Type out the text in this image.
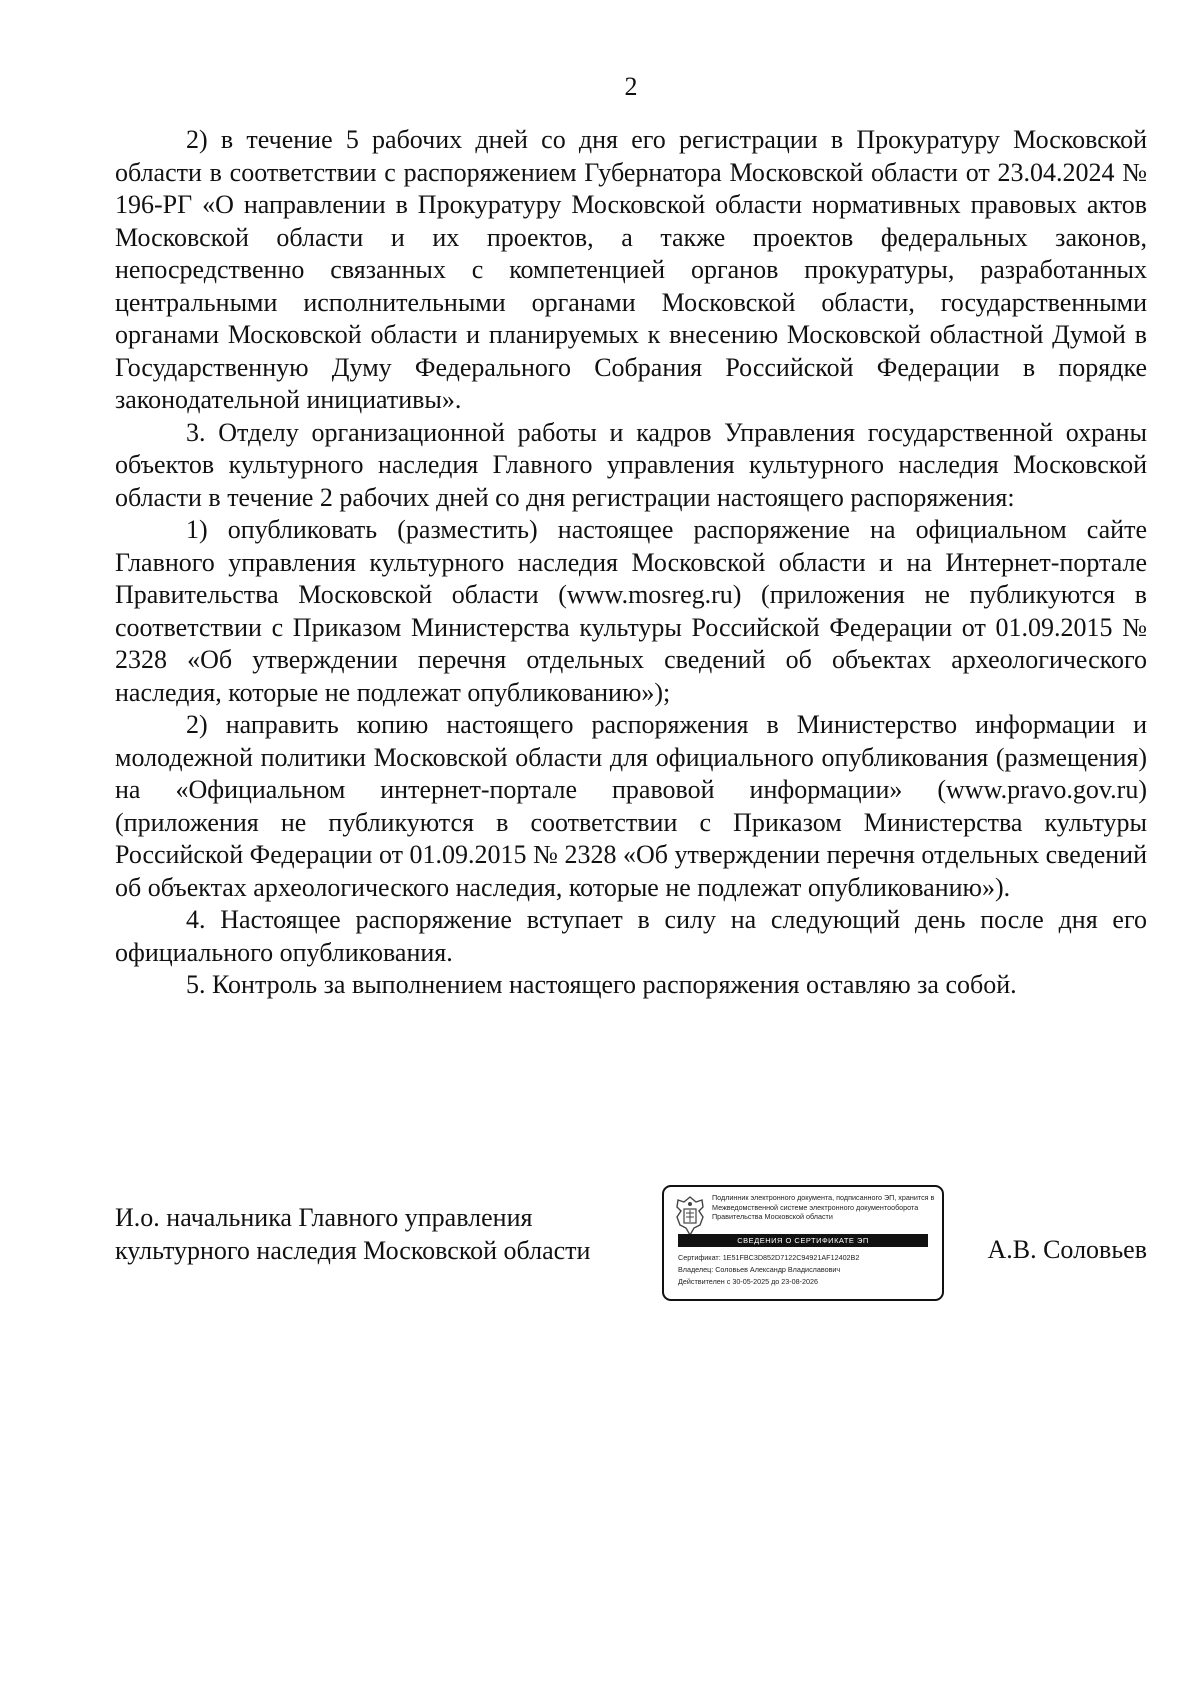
2

2) в течение 5 рабочих дней со дня его регистрации в Прокуратуру Московской области в соответствии с распоряжением Губернатора Московской области от 23.04.2024 № 196-РГ «О направлении в Прокуратуру Московской области нормативных правовых актов Московской области и их проектов, а также проектов федеральных законов, непосредственно связанных с компетенцией органов прокуратуры, разработанных центральными исполнительными органами Московской области, государственными органами Московской области и планируемых к внесению Московской областной Думой в Государственную Думу Федерального Собрания Российской Федерации в порядке законодательной инициативы».

3. Отделу организационной работы и кадров Управления государственной охраны объектов культурного наследия Главного управления культурного наследия Московской области в течение 2 рабочих дней со дня регистрации настоящего распоряжения:

1) опубликовать (разместить) настоящее распоряжение на официальном сайте Главного управления культурного наследия Московской области и на Интернет-портале Правительства Московской области (www.mosreg.ru) (приложения не публикуются в соответствии с Приказом Министерства культуры Российской Федерации от 01.09.2015 № 2328 «Об утверждении перечня отдельных сведений об объектах археологического наследия, которые не подлежат опубликованию»);

2) направить копию настоящего распоряжения в Министерство информации и молодежной политики Московской области для официального опубликования (размещения) на «Официальном интернет-портале правовой информации» (www.pravo.gov.ru) (приложения не публикуются в соответствии с Приказом Министерства культуры Российской Федерации от 01.09.2015 № 2328 «Об утверждении перечня отдельных сведений об объектах археологического наследия, которые не подлежат опубликованию»).

4. Настоящее распоряжение вступает в силу на следующий день после дня его официального опубликования.

5. Контроль за выполнением настоящего распоряжения оставляю за собой.

И.о. начальника Главного управления
культурного наследия Московской области	А.В. Соловьев
Подлинник электронного документа, подписанного ЭП, хранится в Межведомственной системе электронного документооборота Правительства Московской области
СВЕДЕНИЯ О СЕРТИФИКАТЕ ЭП
Сертификат: 1E51FBC3D852D7122C94921AF12402B2
Владелец: Соловьев Александр Владиславович
Действителен с 30-05-2025 до 23-08-2026
